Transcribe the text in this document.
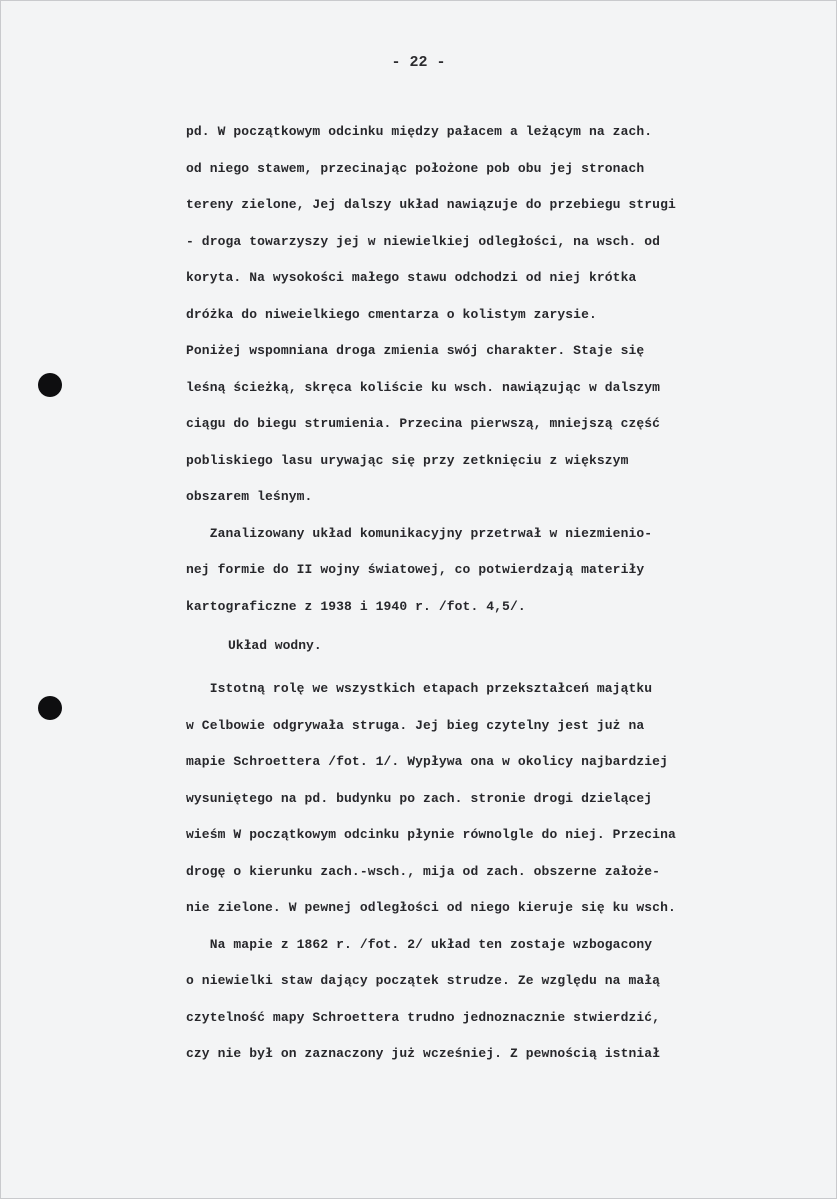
- 22 -
pd. W początkowym odcinku między pałacem a leżącym na zach.
od niego stawem, przecinając położone pob obu jej stronach
tereny zielone, Jej dalszy układ nawiązuje do przebiegu strugi
- droga towarzyszy jej w niewielkiej odległości, na wsch. od
koryta. Na wysokości małego stawu odchodzi od niej krótka
dróżka do niweielkiego cmentarza o kolistym zarysie.
Poniżej wspomniana droga zmienia swój charakter. Staje się
leśną ścieżką, skręca koliście ku wsch. nawiązując w dalszym
ciągu do biegu strumienia. Przecina pierwszą, mniejszą część
pobliskiego lasu urywając się przy zetknięciu z większym
obszarem leśnym.
Zanalizowany układ komunikacyjny przetrwał w niezmienio-
nej formie do II wojny światowej, co potwierdzają materiły
kartograficzne z 1938 i 1940 r. /fot. 4,5/.
Układ wodny.
Istotną rolę we wszystkich etapach przekształceń majątku
w Celbowie odgrywała struga. Jej bieg czytelny jest już na
mapie Schroettera /fot. 1/. Wypływa ona w okolicy najbardziej
wysuniętego na pd. budynku po zach. stronie drogi dzielącej
wieśm W początkowym odcinku płynie równolgle do niej. Przecina
drogę o kierunku zach.-wsch., mija od zach. obszerne założe-
nie zielone. W pewnej odległości od niego kieruje się ku wsch.
Na mapie z 1862 r. /fot. 2/ układ ten zostaje wzbogacony
o niewielki staw dający początek strudze. Ze względu na małą
czytelność mapy Schroettera trudno jednoznacznie stwierdzić,
czy nie był on zaznaczony już wcześniej. Z pewnością istniał
